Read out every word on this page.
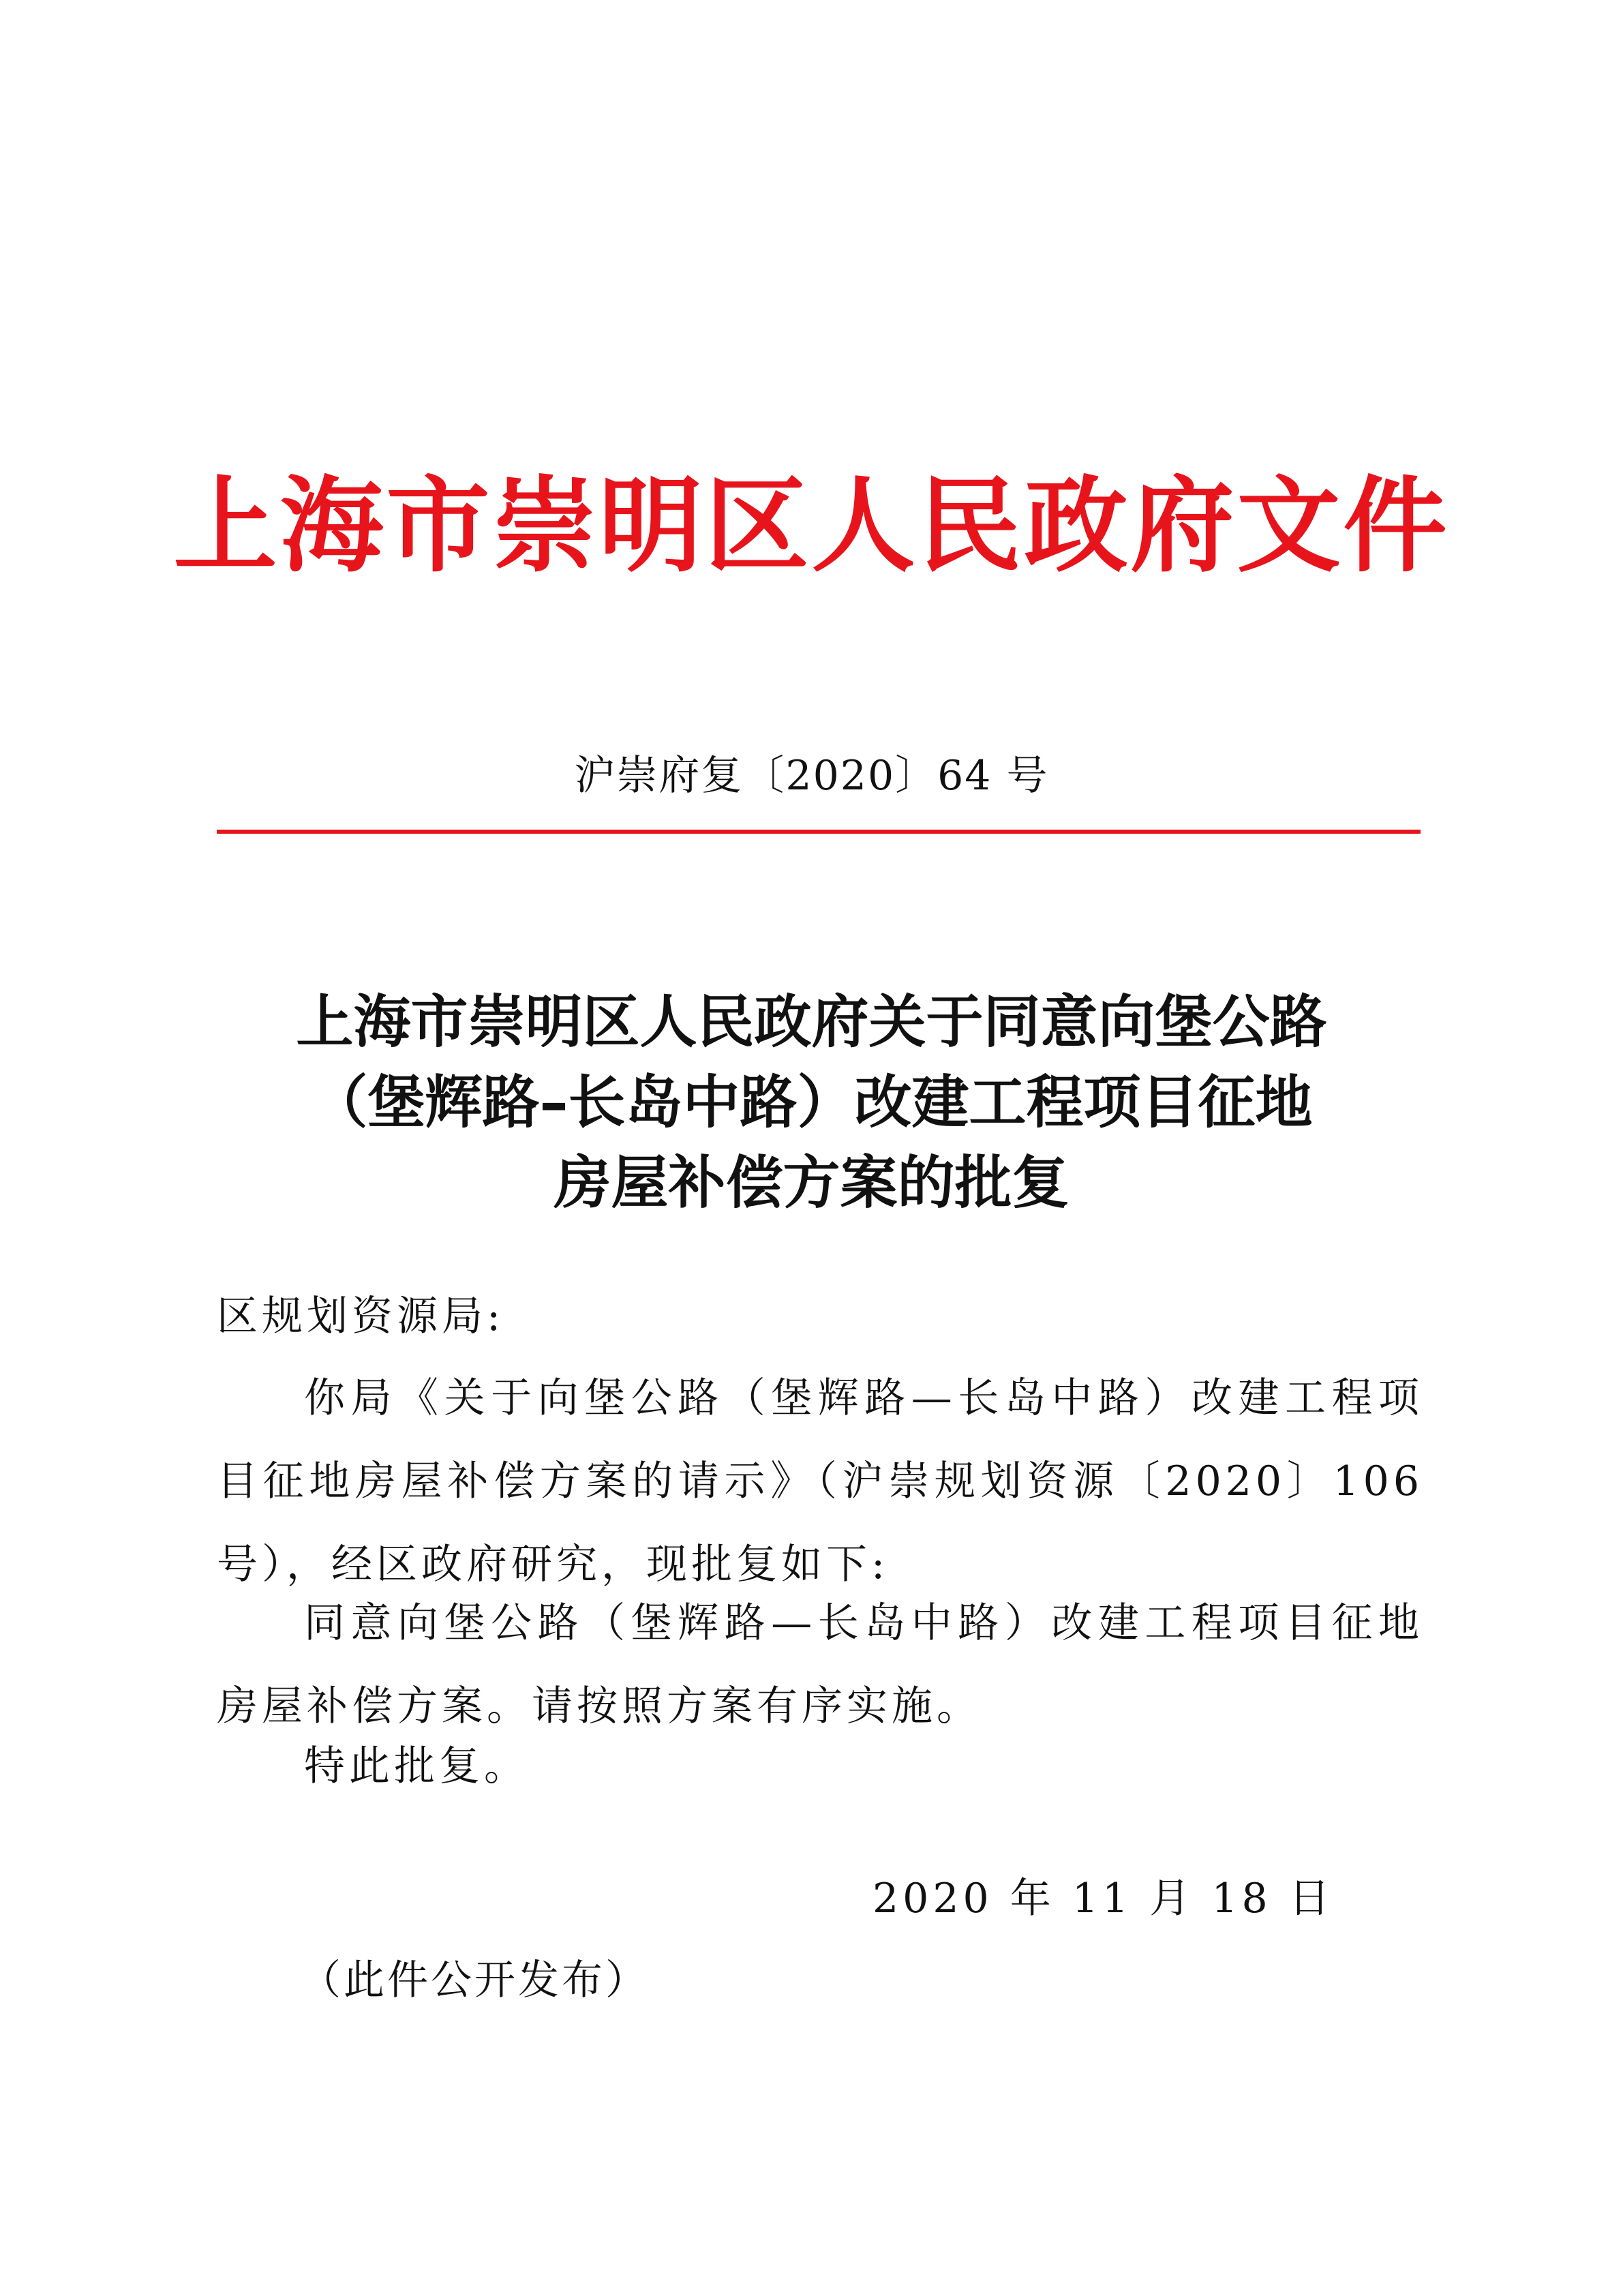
上海市崇明区人民政府文件
沪崇府复〔2020〕64 号
上海市崇明区人民政府关于同意向堡公路
（堡辉路–长岛中路）改建工程项目征地
房屋补偿方案的批复
区规划资源局:
你局《关于向堡公路（堡辉路—长岛中路）改建工程项目征地房屋补偿方案的请示》（沪崇规划资源〔2020〕106 号），经区政府研究，现批复如下:
同意向堡公路（堡辉路—长岛中路）改建工程项目征地房屋补偿方案。请按照方案有序实施。
特此批复。
2020 年 11 月 18 日
（此件公开发布）
